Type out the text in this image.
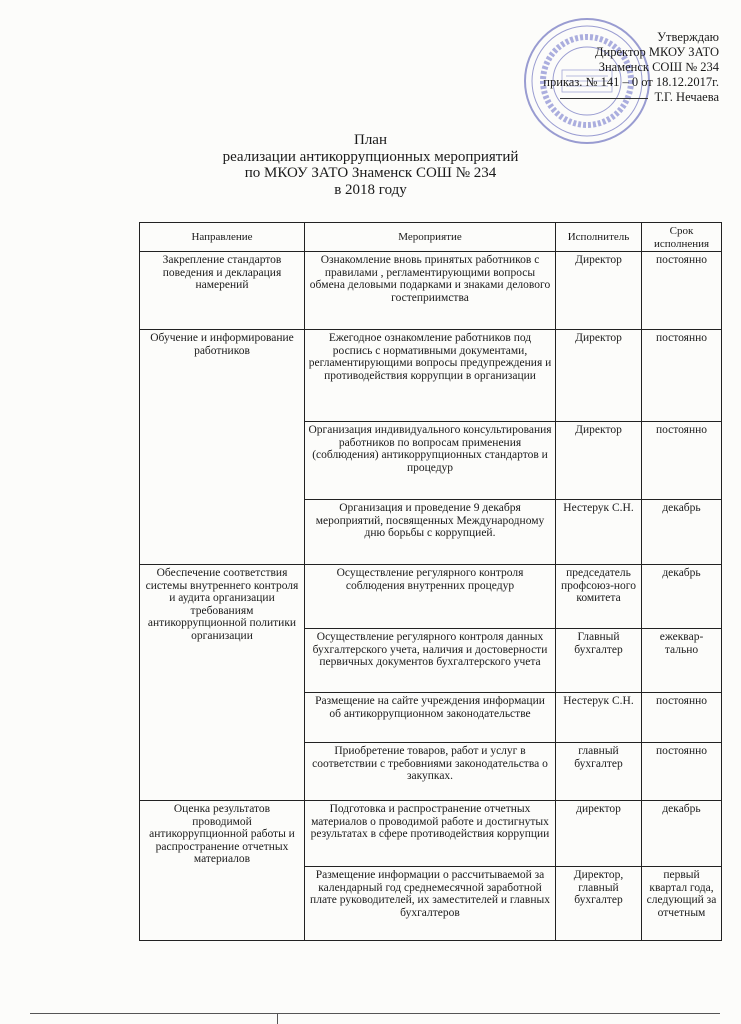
Утверждаю
Директор МКОУ ЗАТО
Знаменск СОШ № 234
приказ. № 141 – 0 от 18.12.2017г.
Т.Г. Нечаева
План
реализации антикоррупционных мероприятий
по МКОУ ЗАТО Знаменск СОШ № 234
в 2018 году
Направление	Мероприятие	Исполнитель	Срок исполнения
Закрепление стандартов поведения и декларация намерений	Ознакомление вновь принятых работников с правилами , регламентирующими вопросы обмена деловыми подарками и знаками делового гостеприимства	Директор	постоянно
Обучение и информирование работников	Ежегодное ознакомление работников под роспись с нормативными документами, регламентирующими вопросы предупреждения и противодействия коррупции в организации	Директор	постоянно
	Организация индивидуального консультирования работников по вопросам применения (соблюдения) антикоррупционных стандартов и процедур	Директор	постоянно
	Организация и проведение 9 декабря мероприятий, посвященных Международному дню борьбы с коррупцией.	Нестерук С.Н.	декабрь
Обеспечение соответствия системы внутреннего контроля и аудита организации требованиям антикоррупционной политики организации	Осуществление регулярного контроля соблюдения внутренних процедур	председатель профсоюз-ного комитета	декабрь
	Осуществление регулярного контроля данных бухгалтерского учета, наличия и достоверности первичных документов бухгалтерского учета	Главный бухгалтер	ежеквар-тально
	Размещение на сайте учреждения информации об антикоррупционном законодательстве	Нестерук С.Н.	постоянно
	Приобретение товаров, работ и услуг в соответствии с требовниями законодательства о закупках.	главный бухгалтер	постоянно
Оценка результатов проводимой антикоррупционной работы и распространение отчетных материалов	Подготовка и распространение отчетных материалов о проводимой работе и достигнутых результатах в сфере противодействия коррупции	директор	декабрь
	Размещение информации о рассчитываемой за календарный год среднемесячной заработной плате руководителей, их заместителей и главных бухгалтеров	Директор, главный бухгалтер	первый квартал года, следующий за отчетным
